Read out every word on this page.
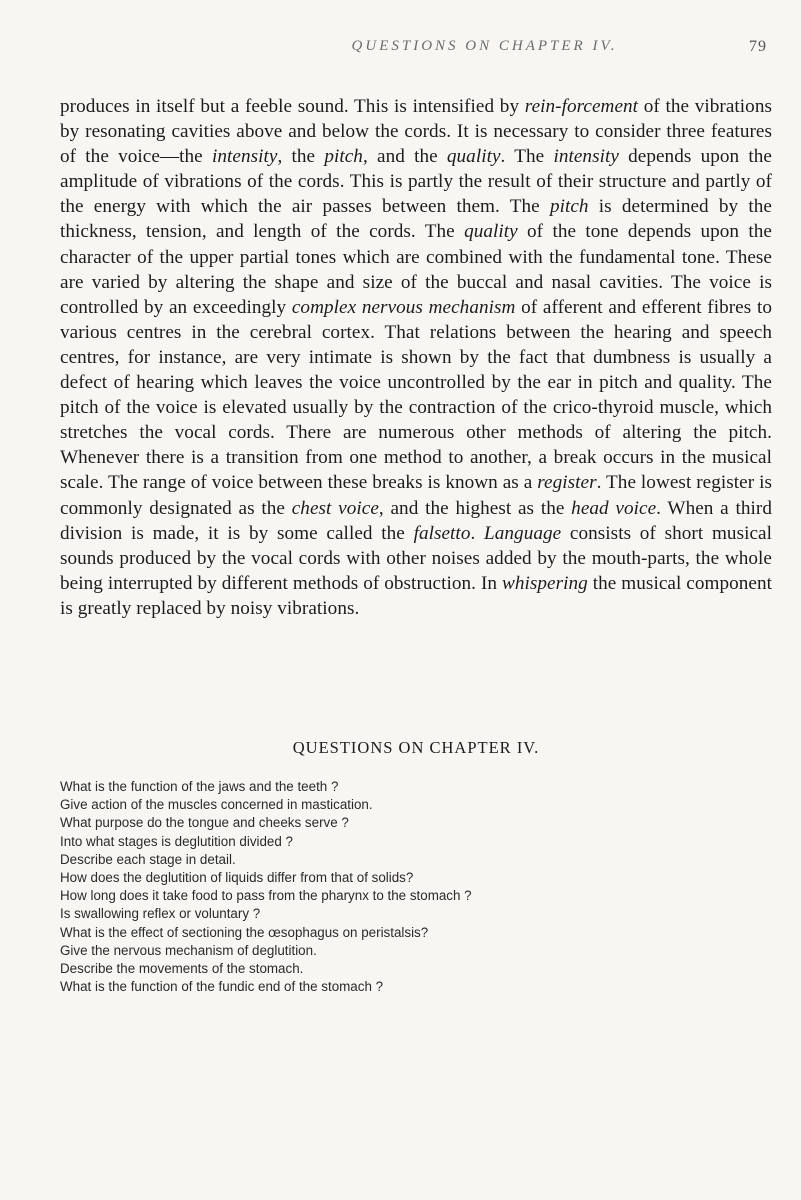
QUESTIONS ON CHAPTER IV.	79

produces in itself but a feeble sound. This is intensified by rein-forcement of the vibrations by resonating cavities above and below the cords. It is necessary to consider three features of the voice—the intensity, the pitch, and the quality. The intensity depends upon the amplitude of vibrations of the cords. This is partly the result of their structure and partly of the energy with which the air passes between them. The pitch is determined by the thickness, tension, and length of the cords. The quality of the tone depends upon the character of the upper partial tones which are combined with the fundamental tone. These are varied by altering the shape and size of the buccal and nasal cavities. The voice is controlled by an exceedingly complex nervous mechanism of afferent and efferent fibres to various centres in the cerebral cortex. That relations between the hearing and speech centres, for instance, are very intimate is shown by the fact that dumbness is usually a defect of hearing which leaves the voice uncontrolled by the ear in pitch and quality. The pitch of the voice is elevated usually by the contraction of the crico-thyroid muscle, which stretches the vocal cords. There are numerous other methods of altering the pitch. Whenever there is a transition from one method to another, a break occurs in the musical scale. The range of voice between these breaks is known as a register. The lowest register is commonly designated as the chest voice, and the highest as the head voice. When a third division is made, it is by some called the falsetto. Language consists of short musical sounds produced by the vocal cords with other noises added by the mouth-parts, the whole being interrupted by different methods of obstruction. In whispering the musical component is greatly replaced by noisy vibrations.

QUESTIONS ON CHAPTER IV.
What is the function of the jaws and the teeth ?
Give action of the muscles concerned in mastication.
What purpose do the tongue and cheeks serve ?
Into what stages is deglutition divided ?
Describe each stage in detail.
How does the deglutition of liquids differ from that of solids?
How long does it take food to pass from the pharynx to the stomach ?
Is swallowing reflex or voluntary ?
What is the effect of sectioning the œsophagus on peristalsis?
Give the nervous mechanism of deglutition.
Describe the movements of the stomach.
What is the function of the fundic end of the stomach ?
